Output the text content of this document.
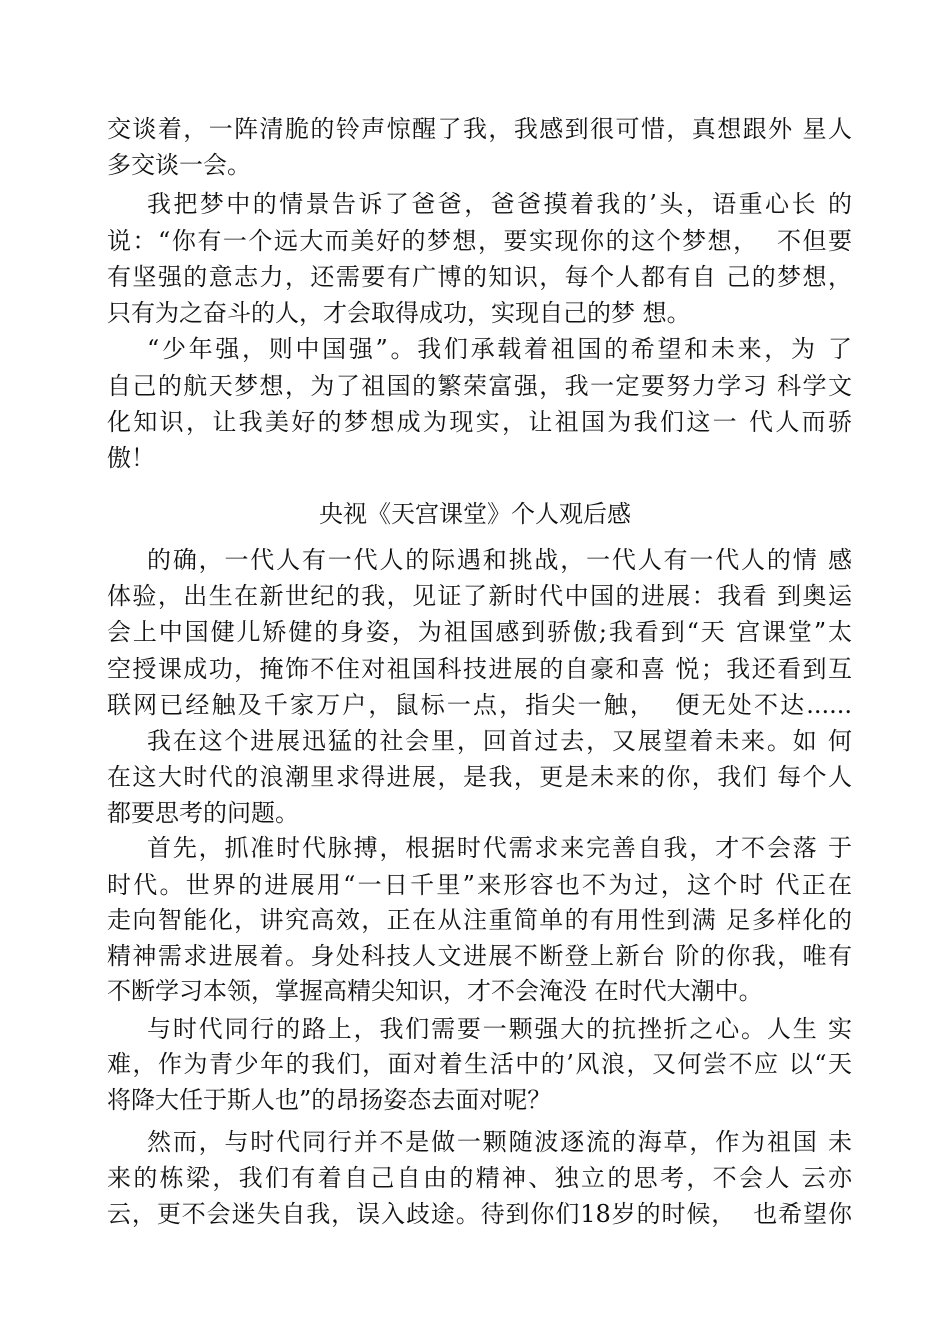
交谈着，一阵清脆的铃声惊醒了我，我感到很可惜，真想跟外 星人
多交谈一会。
我把梦中的情景告诉了爸爸，爸爸摸着我的’头，语重心长 的
说：“你有一个远大而美好的梦想，要实现你的这个梦想，  不但要
有坚强的意志力，还需要有广博的知识，每个人都有自 己的梦想，
只有为之奋斗的人，才会取得成功，实现自己的梦 想。
“少年强，则中国强”。我们承载着祖国的希望和未来，为 了
自己的航天梦想，为了祖国的繁荣富强，我一定要努力学习 科学文
化知识，让我美好的梦想成为现实，让祖国为我们这一 代人而骄
傲！
央视《天宫课堂》个人观后感
的确，一代人有一代人的际遇和挑战，一代人有一代人的情 感
体验，出生在新世纪的我，见证了新时代中国的进展：我看 到奥运
会上中国健儿矫健的身姿，为祖国感到骄傲;我看到“天 宫课堂”太
空授课成功，掩饰不住对祖国科技进展的自豪和喜 悦；我还看到互
联网已经触及千家万户，鼠标一点，指尖一触，  便无处不达......
我在这个进展迅猛的社会里，回首过去，又展望着未来。如 何
在这大时代的浪潮里求得进展，是我，更是未来的你，我们 每个人
都要思考的问题。
首先，抓准时代脉搏，根据时代需求来完善自我，才不会落 于
时代。世界的进展用“一日千里”来形容也不为过，这个时 代正在
走向智能化，讲究高效，正在从注重简单的有用性到满 足多样化的
精神需求进展着。身处科技人文进展不断登上新台 阶的你我，唯有
不断学习本领，掌握高精尖知识，才不会淹没 在时代大潮中。
与时代同行的路上，我们需要一颗强大的抗挫折之心。人生 实
难，作为青少年的我们，面对着生活中的’风浪，又何尝不应 以“天
将降大任于斯人也”的昂扬姿态去面对呢？
然而，与时代同行并不是做一颗随波逐流的海草，作为祖国 未
来的栋梁，我们有着自己自由的精神、独立的思考，不会人 云亦
云，更不会迷失自我，误入歧途。待到你们18岁的时候，  也希望你
